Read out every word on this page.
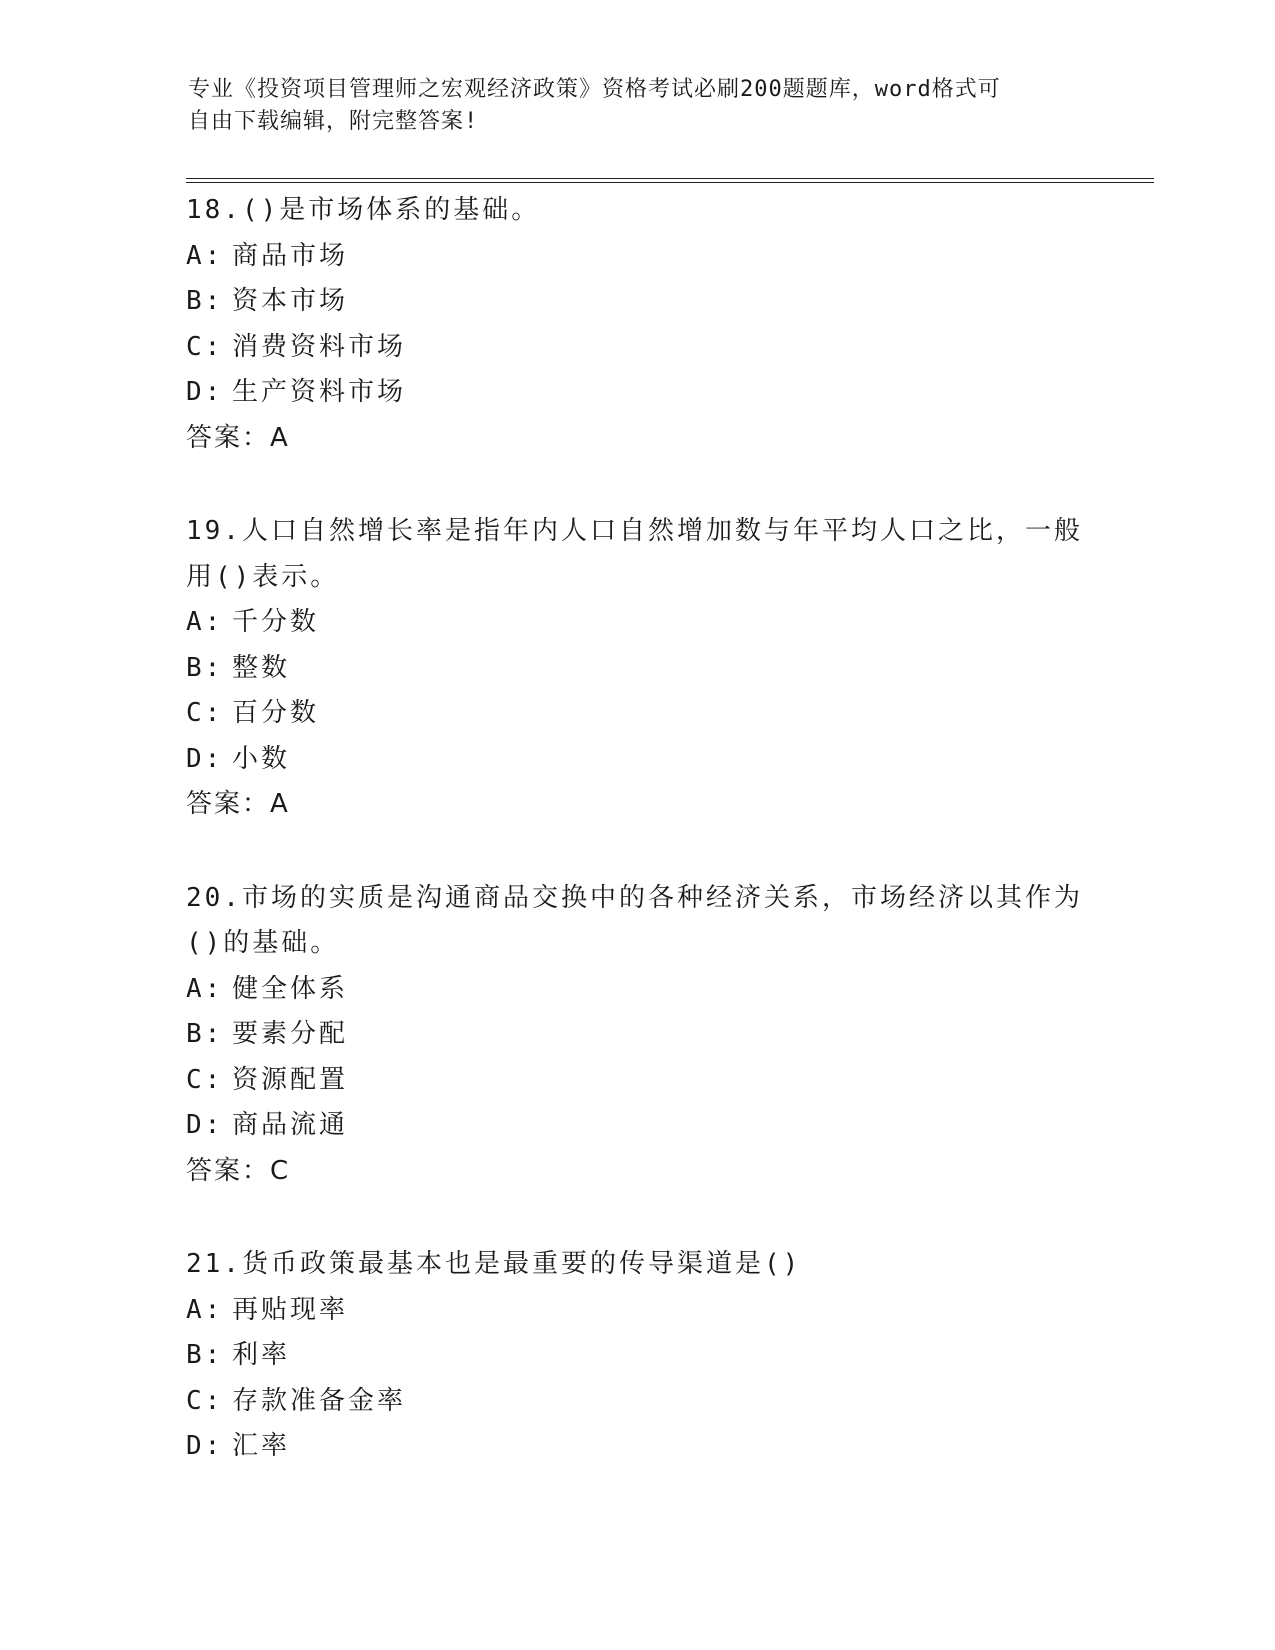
专业《投资项目管理师之宏观经济政策》资格考试必刷200题题库，word格式可
自由下载编辑，附完整答案!
18.()是市场体系的基础。
A: 商品市场
B: 资本市场
C: 消费资料市场
D: 生产资料市场
答案：A
19.人口自然增长率是指年内人口自然增加数与年平均人口之比，一般
用()表示。
A: 千分数
B: 整数
C: 百分数
D: 小数
答案：A
20.市场的实质是沟通商品交换中的各种经济关系，市场经济以其作为
()的基础。
A: 健全体系
B: 要素分配
C: 资源配置
D: 商品流通
答案：C
21.货币政策最基本也是最重要的传导渠道是()
A: 再贴现率
B: 利率
C: 存款准备金率
D: 汇率
